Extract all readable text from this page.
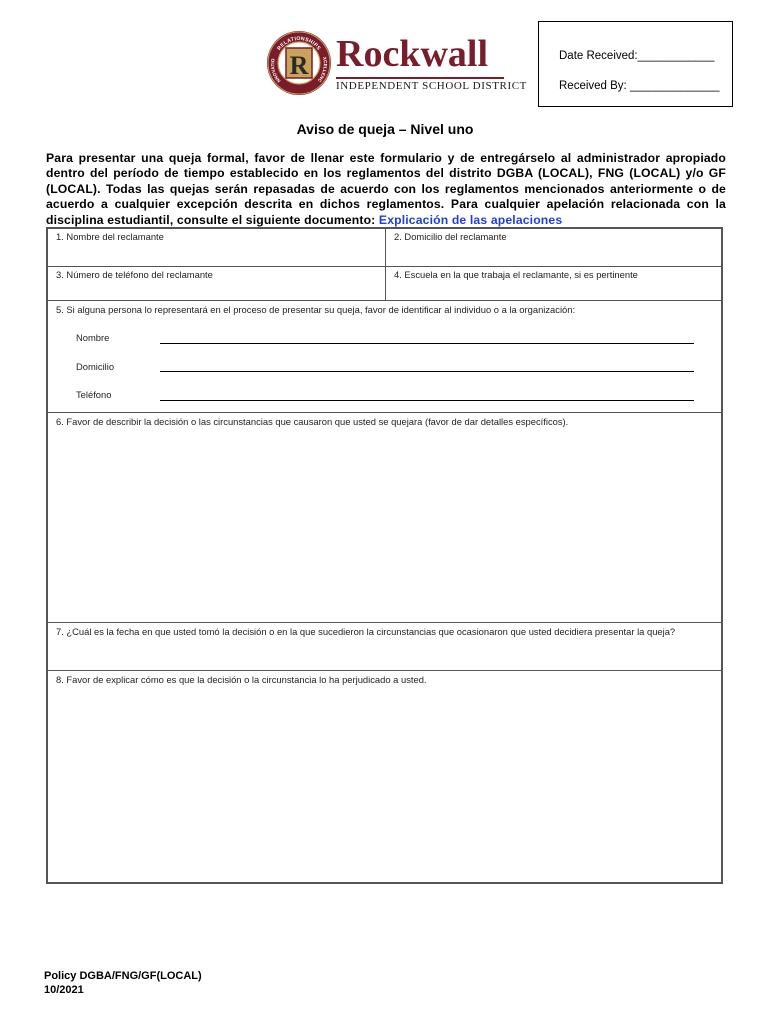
RELATIONSHIPS
NNOVATIO	XCELLENC
R Rockwall
INDEPENDENT SCHOOL DISTRICT
Date Received:____________
Received By: ______________
Aviso de queja – Nivel uno
Para presentar una queja formal, favor de llenar este formulario y de entregárselo al administrador apropiado dentro del período de tiempo establecido en los reglamentos del distrito DGBA (LOCAL), FNG (LOCAL) y/o GF (LOCAL). Todas las quejas serán repasadas de acuerdo con los reglamentos mencionados anteriormente o de acuerdo a cualquier excepción descrita en dichos reglamentos. Para cualquier apelación relacionada con la disciplina estudiantil, consulte el siguiente documento: Explicación de las apelaciones
1. Nombre del reclamante	2. Domicilio del reclamante
3. Número de teléfono del reclamante	4. Escuela en la que trabaja el reclamante, si es pertinente
5. Si alguna persona lo representará en el proceso de presentar su queja, favor de identificar al individuo o a la organización:
Nombre
Domicilio
Teléfono
6. Favor de describir la decisión o las circunstancias que causaron que usted se quejara (favor de dar detalles específicos).
7. ¿Cuál es la fecha en que usted tomó la decisión o en la que sucedieron la circunstancias que ocasionaron que usted decidiera presentar la queja?
8. Favor de explicar cómo es que la decisión o la circunstancia lo ha perjudicado a usted.
Policy DGBA/FNG/GF(LOCAL)
10/2021
